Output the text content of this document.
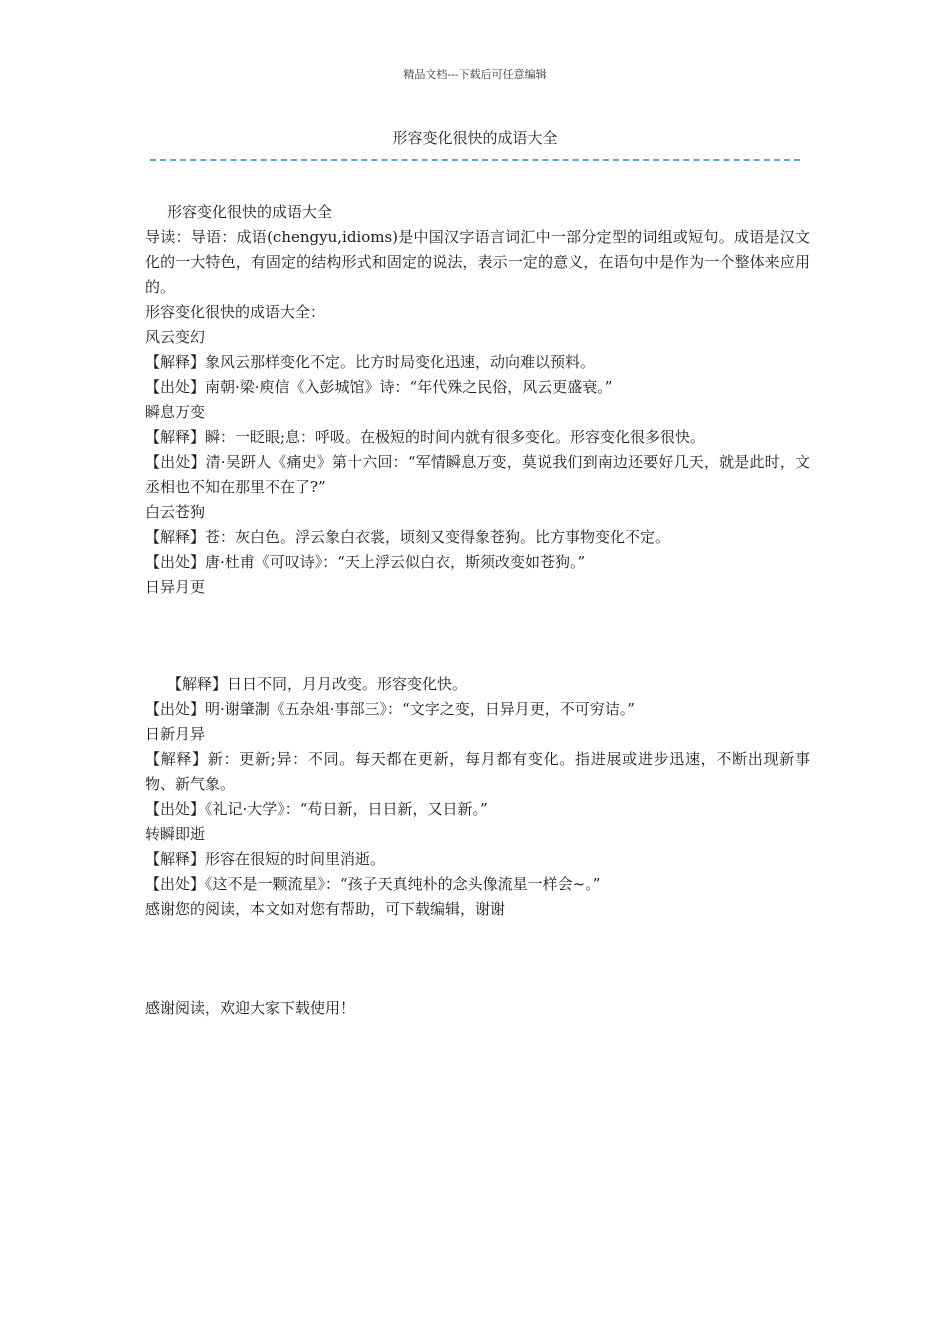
精品文档---下载后可任意编辑
形容变化很快的成语大全

形容变化很快的成语大全

导读：导语：成语(chengyu,idioms)是中国汉字语言词汇中一部分定型的词组或短句。成语是汉文化的一大特色，有固定的结构形式和固定的说法，表示一定的意义，在语句中是作为一个整体来应用的。

形容变化很快的成语大全：

风云变幻

【解释】象风云那样变化不定。比方时局变化迅速，动向难以预料。

【出处】南朝·梁·庾信《入彭城馆》诗：“年代殊之民俗，风云更盛衰。”

瞬息万变

【解释】瞬：一眨眼;息：呼吸。在极短的时间内就有很多变化。形容变化很多很快。

【出处】清·吴趼人《痛史》第十六回：“军情瞬息万变，莫说我们到南边还要好几天，就是此时，文丞相也不知在那里不在了?”

白云苍狗

【解释】苍：灰白色。浮云象白衣裳，顷刻又变得象苍狗。比方事物变化不定。

【出处】唐·杜甫《可叹诗》：“天上浮云似白衣，斯须改变如苍狗。”

日异月更

【解释】日日不同，月月改变。形容变化快。

【出处】明·谢肇淛《五杂俎·事部三》：“文字之变，日异月更，不可穷诘。”

日新月异

【解释】新：更新;异：不同。每天都在更新，每月都有变化。指进展或进步迅速，不断出现新事物、新气象。

【出处】《礼记·大学》：“苟日新，日日新，又日新。”

转瞬即逝

【解释】形容在很短的时间里消逝。

【出处】《这不是一颗流星》：“孩子天真纯朴的念头像流星一样会~。”

感谢您的阅读，本文如对您有帮助，可下载编辑，谢谢

感谢阅读，欢迎大家下载使用！
